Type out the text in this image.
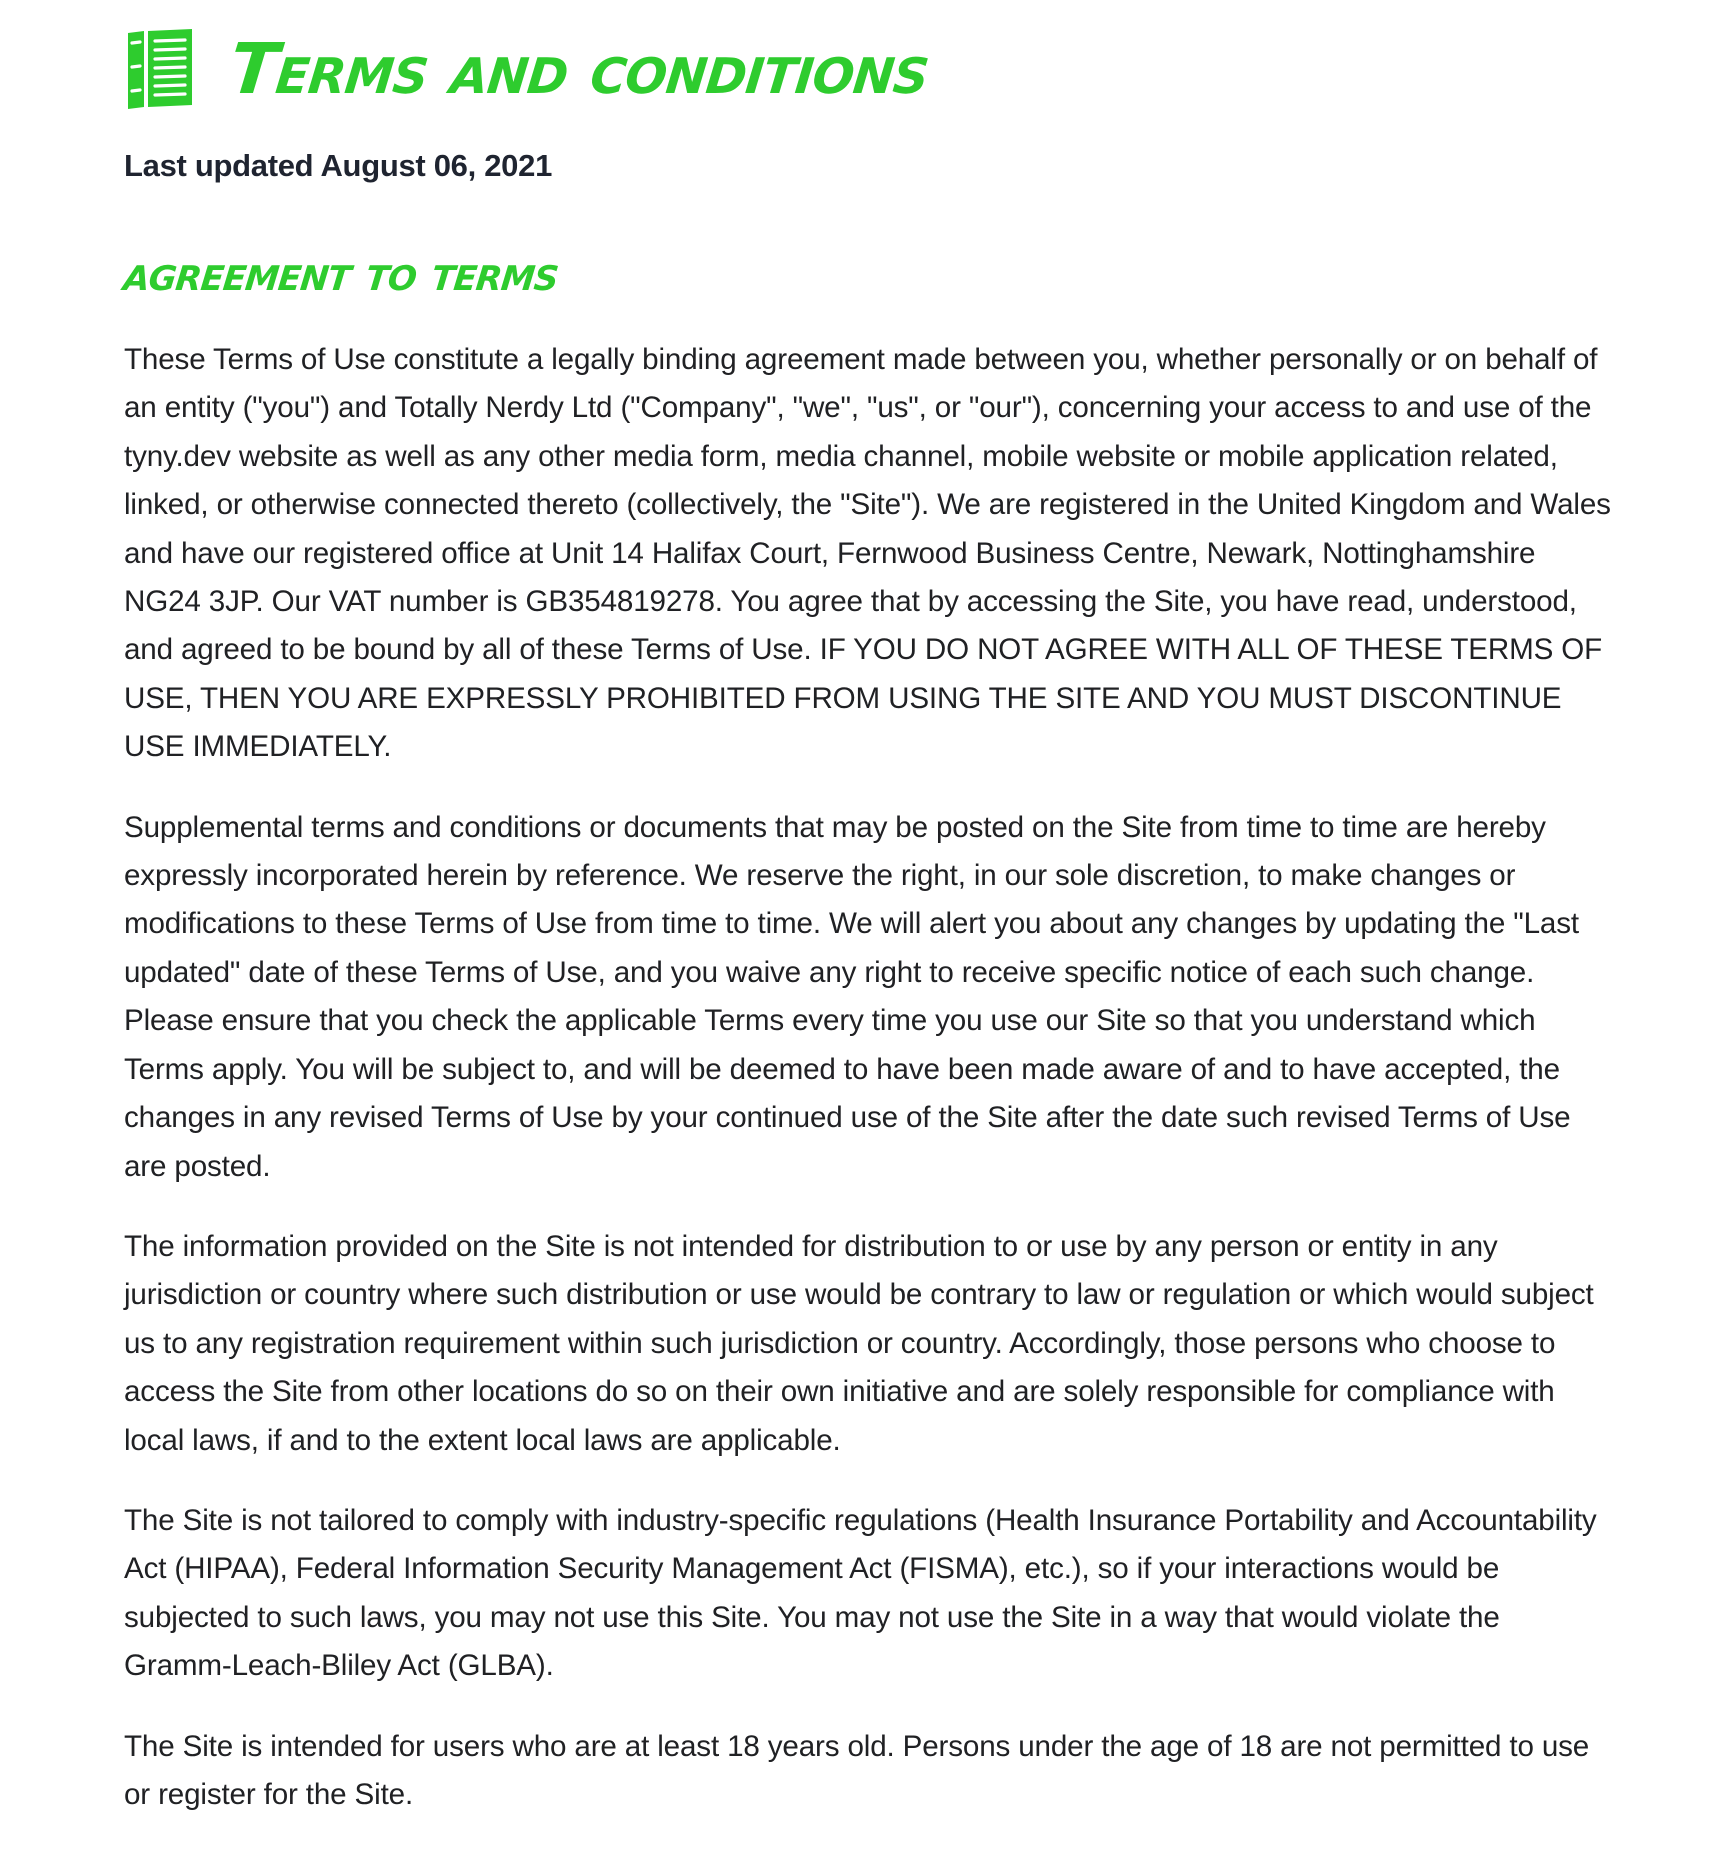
Terms and conditions

Last updated August 06, 2021

agreement to terms

These Terms of Use constitute a legally binding agreement made between you, whether personally or on behalf of an entity ("you") and Totally Nerdy Ltd ("Company", "we", "us", or "our"), concerning your access to and use of the tyny.dev website as well as any other media form, media channel, mobile website or mobile application related, linked, or otherwise connected thereto (collectively, the "Site"). We are registered in the United Kingdom and Wales and have our registered office at Unit 14 Halifax Court, Fernwood Business Centre, Newark, Nottinghamshire NG24 3JP. Our VAT number is GB354819278. You agree that by accessing the Site, you have read, understood, and agreed to be bound by all of these Terms of Use. IF YOU DO NOT AGREE WITH ALL OF THESE TERMS OF USE, THEN YOU ARE EXPRESSLY PROHIBITED FROM USING THE SITE AND YOU MUST DISCONTINUE USE IMMEDIATELY.

Supplemental terms and conditions or documents that may be posted on the Site from time to time are hereby expressly incorporated herein by reference. We reserve the right, in our sole discretion, to make changes or modifications to these Terms of Use from time to time. We will alert you about any changes by updating the "Last updated" date of these Terms of Use, and you waive any right to receive specific notice of each such change. Please ensure that you check the applicable Terms every time you use our Site so that you understand which Terms apply. You will be subject to, and will be deemed to have been made aware of and to have accepted, the changes in any revised Terms of Use by your continued use of the Site after the date such revised Terms of Use are posted.

The information provided on the Site is not intended for distribution to or use by any person or entity in any jurisdiction or country where such distribution or use would be contrary to law or regulation or which would subject us to any registration requirement within such jurisdiction or country. Accordingly, those persons who choose to access the Site from other locations do so on their own initiative and are solely responsible for compliance with local laws, if and to the extent local laws are applicable.

The Site is not tailored to comply with industry-specific regulations (Health Insurance Portability and Accountability Act (HIPAA), Federal Information Security Management Act (FISMA), etc.), so if your interactions would be subjected to such laws, you may not use this Site. You may not use the Site in a way that would violate the Gramm-Leach-Bliley Act (GLBA).

The Site is intended for users who are at least 18 years old. Persons under the age of 18 are not permitted to use or register for the Site.
